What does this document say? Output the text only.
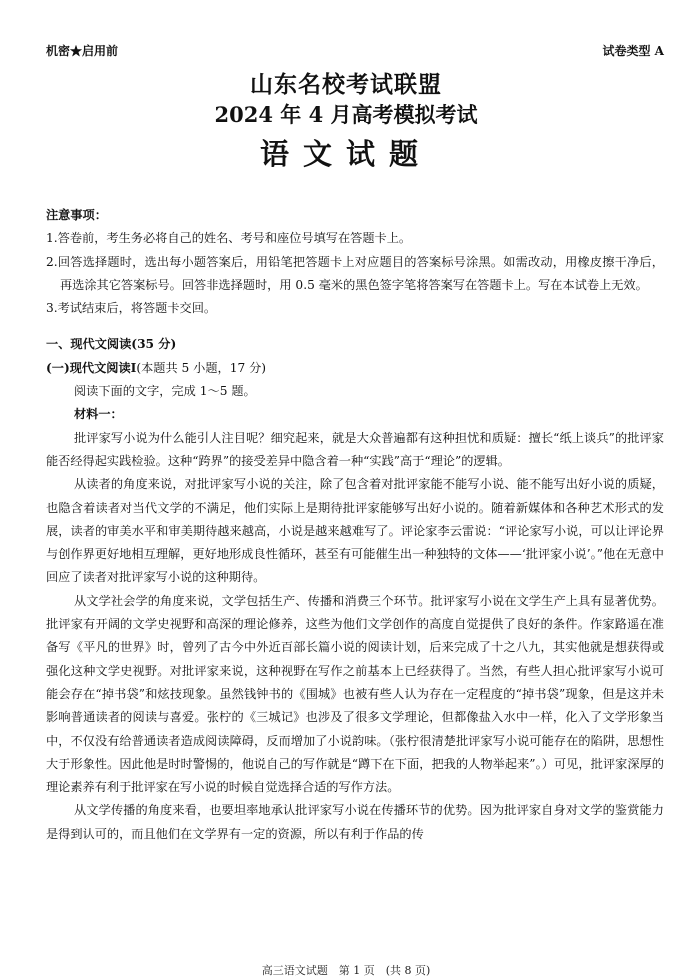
机密★启用前	试卷类型 A
山东名校考试联盟
2024 年 4 月高考模拟考试
语文试题
注意事项：
1.答卷前，考生务必将自己的姓名、考号和座位号填写在答题卡上。
2.回答选择题时，选出每小题答案后，用铅笔把答题卡上对应题目的答案标号涂黑。如需改动，用橡皮擦干净后，再选涂其它答案标号。回答非选择题时，用 0.5 毫米的黑色签字笔将答案写在答题卡上。写在本试卷上无效。
3.考试结束后，将答题卡交回。
一、现代文阅读(35 分)
(一)现代文阅读Ⅰ(本题共 5 小题，17 分)
阅读下面的文字，完成 1～5 题。
材料一：
批评家写小说为什么能引人注目呢？细究起来，就是大众普遍都有这种担忧和质疑：擅长“纸上谈兵”的批评家能否经得起实践检验。这种“跨界”的接受差异中隐含着一种“实践”高于“理论”的逻辑。
从读者的角度来说，对批评家写小说的关注，除了包含着对批评家能不能写小说、能不能写出好小说的质疑，也隐含着读者对当代文学的不满足，他们实际上是期待批评家能够写出好小说的。随着新媒体和各种艺术形式的发展，读者的审美水平和审美期待越来越高，小说是越来越难写了。评论家李云雷说：“评论家写小说，可以让评论界与创作界更好地相互理解，更好地形成良性循环，甚至有可能催生出一种独特的文体——‘批评家小说’。”他在无意中回应了读者对批评家写小说的这种期待。
从文学社会学的角度来说，文学包括生产、传播和消费三个环节。批评家写小说在文学生产上具有显著优势。批评家有开阔的文学史视野和高深的理论修养，这些为他们文学创作的高度自觉提供了良好的条件。作家路遥在准备写《平凡的世界》时，曾列了古今中外近百部长篇小说的阅读计划，后来完成了十之八九，其实他就是想获得或强化这种文学史视野。对批评家来说，这种视野在写作之前基本上已经获得了。当然，有些人担心批评家写小说可能会存在“掉书袋”和炫技现象。虽然钱钟书的《围城》也被有些人认为存在一定程度的“掉书袋”现象，但是这并未影响普通读者的阅读与喜爱。张柠的《三城记》也涉及了很多文学理论，但都像盐入水中一样，化入了文学形象当中，不仅没有给普通读者造成阅读障碍，反而增加了小说韵味。（张柠很清楚批评家写小说可能存在的陷阱，思想性大于形象性。因此他是时时警惕的，他说自己的写作就是“蹲下在下面，把我的人物举起来”。）可见，批评家深厚的理论素养有利于批评家在写小说的时候自觉选择合适的写作方法。
从文学传播的角度来看，也要坦率地承认批评家写小说在传播环节的优势。因为批评家自身对文学的鉴赏能力是得到认可的，而且他们在文学界有一定的资源，所以有利于作品的传
高三语文试题　第 1 页　(共 8 页)
